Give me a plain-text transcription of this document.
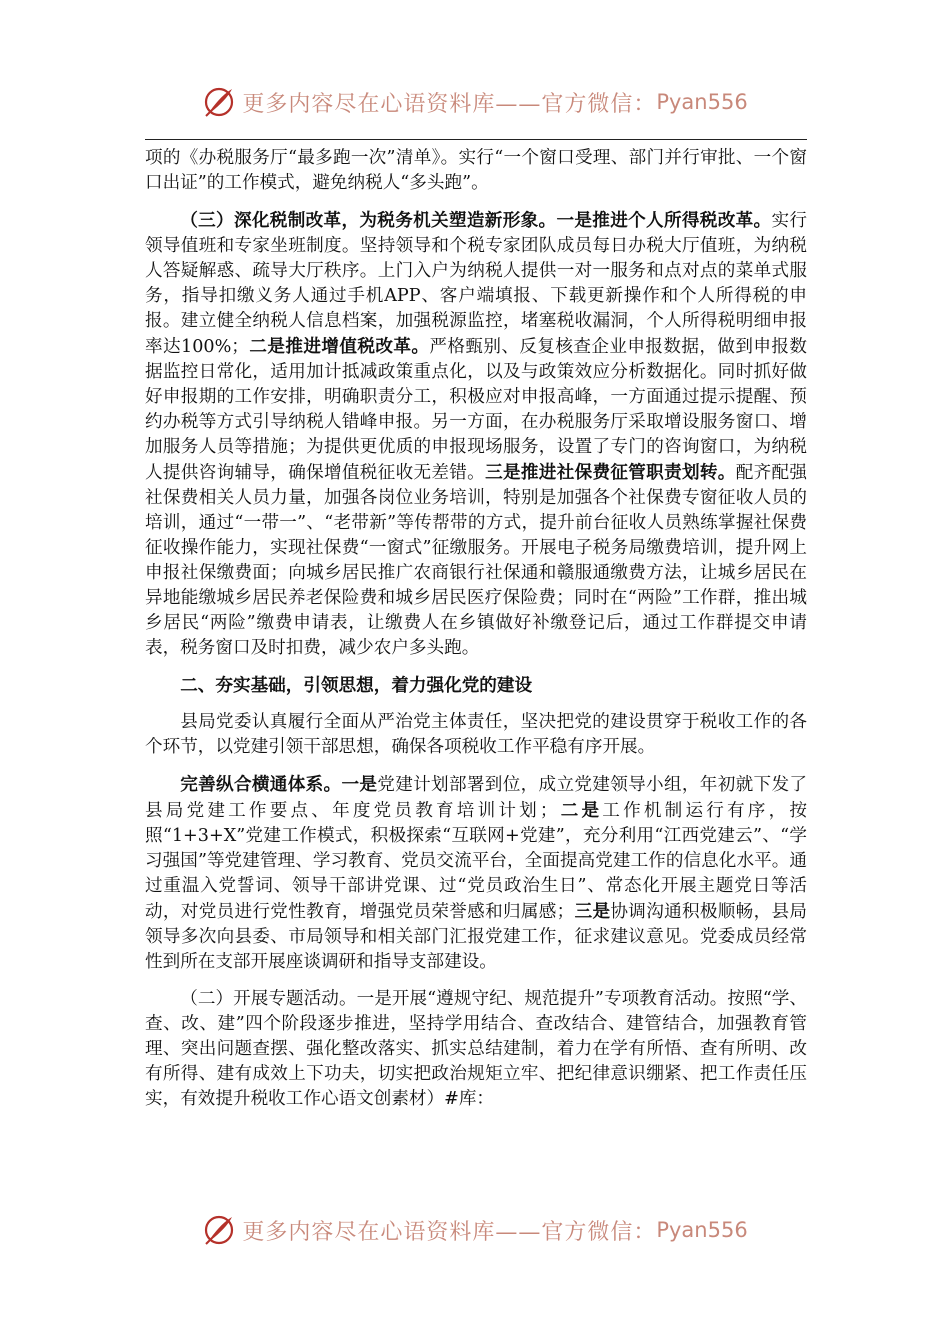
更多内容尽在心语资料库——官方微信： Pyan556

项的《办税服务厅“最多跑一次”清单》。实行“一个窗口受理、部门并行审批、一个窗口出证”的工作模式，避免纳税人“多头跑”。

（三）深化税制改革，为税务机关塑造新形象。一是推进个人所得税改革。实行领导值班和专家坐班制度。坚持领导和个税专家团队成员每日办税大厅值班，为纳税人答疑解惑、疏导大厅秩序。上门入户为纳税人提供一对一服务和点对点的菜单式服务，指导扣缴义务人通过手机APP、客户端填报、下载更新操作和个人所得税的申报。建立健全纳税人信息档案，加强税源监控，堵塞税收漏洞，个人所得税明细申报率达100%；二是推进增值税改革。严格甄别、反复核查企业申报数据，做到申报数据监控日常化，适用加计抵减政策重点化，以及与政策效应分析数据化。同时抓好做好申报期的工作安排，明确职责分工，积极应对申报高峰，一方面通过提示提醒、预约办税等方式引导纳税人错峰申报。另一方面，在办税服务厅采取增设服务窗口、增加服务人员等措施；为提供更优质的申报现场服务，设置了专门的咨询窗口，为纳税人提供咨询辅导，确保增值税征收无差错。三是推进社保费征管职责划转。配齐配强社保费相关人员力量，加强各岗位业务培训，特别是加强各个社保费专窗征收人员的培训，通过“一带一”、“老带新”等传帮带的方式，提升前台征收人员熟练掌握社保费征收操作能力，实现社保费“一窗式”征缴服务。开展电子税务局缴费培训，提升网上申报社保缴费面；向城乡居民推广农商银行社保通和赣服通缴费方法，让城乡居民在异地能缴城乡居民养老保险费和城乡居民医疗保险费；同时在“两险”工作群，推出城乡居民“两险”缴费申请表，让缴费人在乡镇做好补缴登记后，通过工作群提交申请表，税务窗口及时扣费，减少农户多头跑。

二、夯实基础，引领思想，着力强化党的建设

县局党委认真履行全面从严治党主体责任，坚决把党的建设贯穿于税收工作的各个环节，以党建引领干部思想，确保各项税收工作平稳有序开展。

完善纵合横通体系。一是党建计划部署到位，成立党建领导小组，年初就下发了县局党建工作要点、年度党员教育培训计划；二是工作机制运行有序，按照“1+3+X”党建工作模式，积极探索“互联网+党建”，充分利用“江西党建云”、“学习强国”等党建管理、学习教育、党员交流平台，全面提高党建工作的信息化水平。通过重温入党誓词、领导干部讲党课、过“党员政治生日”、常态化开展主题党日等活动，对党员进行党性教育，增强党员荣誉感和归属感；三是协调沟通积极顺畅，县局领导多次向县委、市局领导和相关部门汇报党建工作，征求建议意见。党委成员经常性到所在支部开展座谈调研和指导支部建设。

（二）开展专题活动。一是开展“遵规守纪、规范提升”专项教育活动。按照“学、查、改、建”四个阶段逐步推进，坚持学用结合、查改结合、建管结合，加强教育管理、突出问题查摆、强化整改落实、抓实总结建制，着力在学有所悟、查有所明、改有所得、建有成效上下功夫，切实把政治规矩立牢、把纪律意识绷紧、把工作责任压实，有效提升税收工作心语文创素材）#库：

更多内容尽在心语资料库——官方微信： Pyan556
